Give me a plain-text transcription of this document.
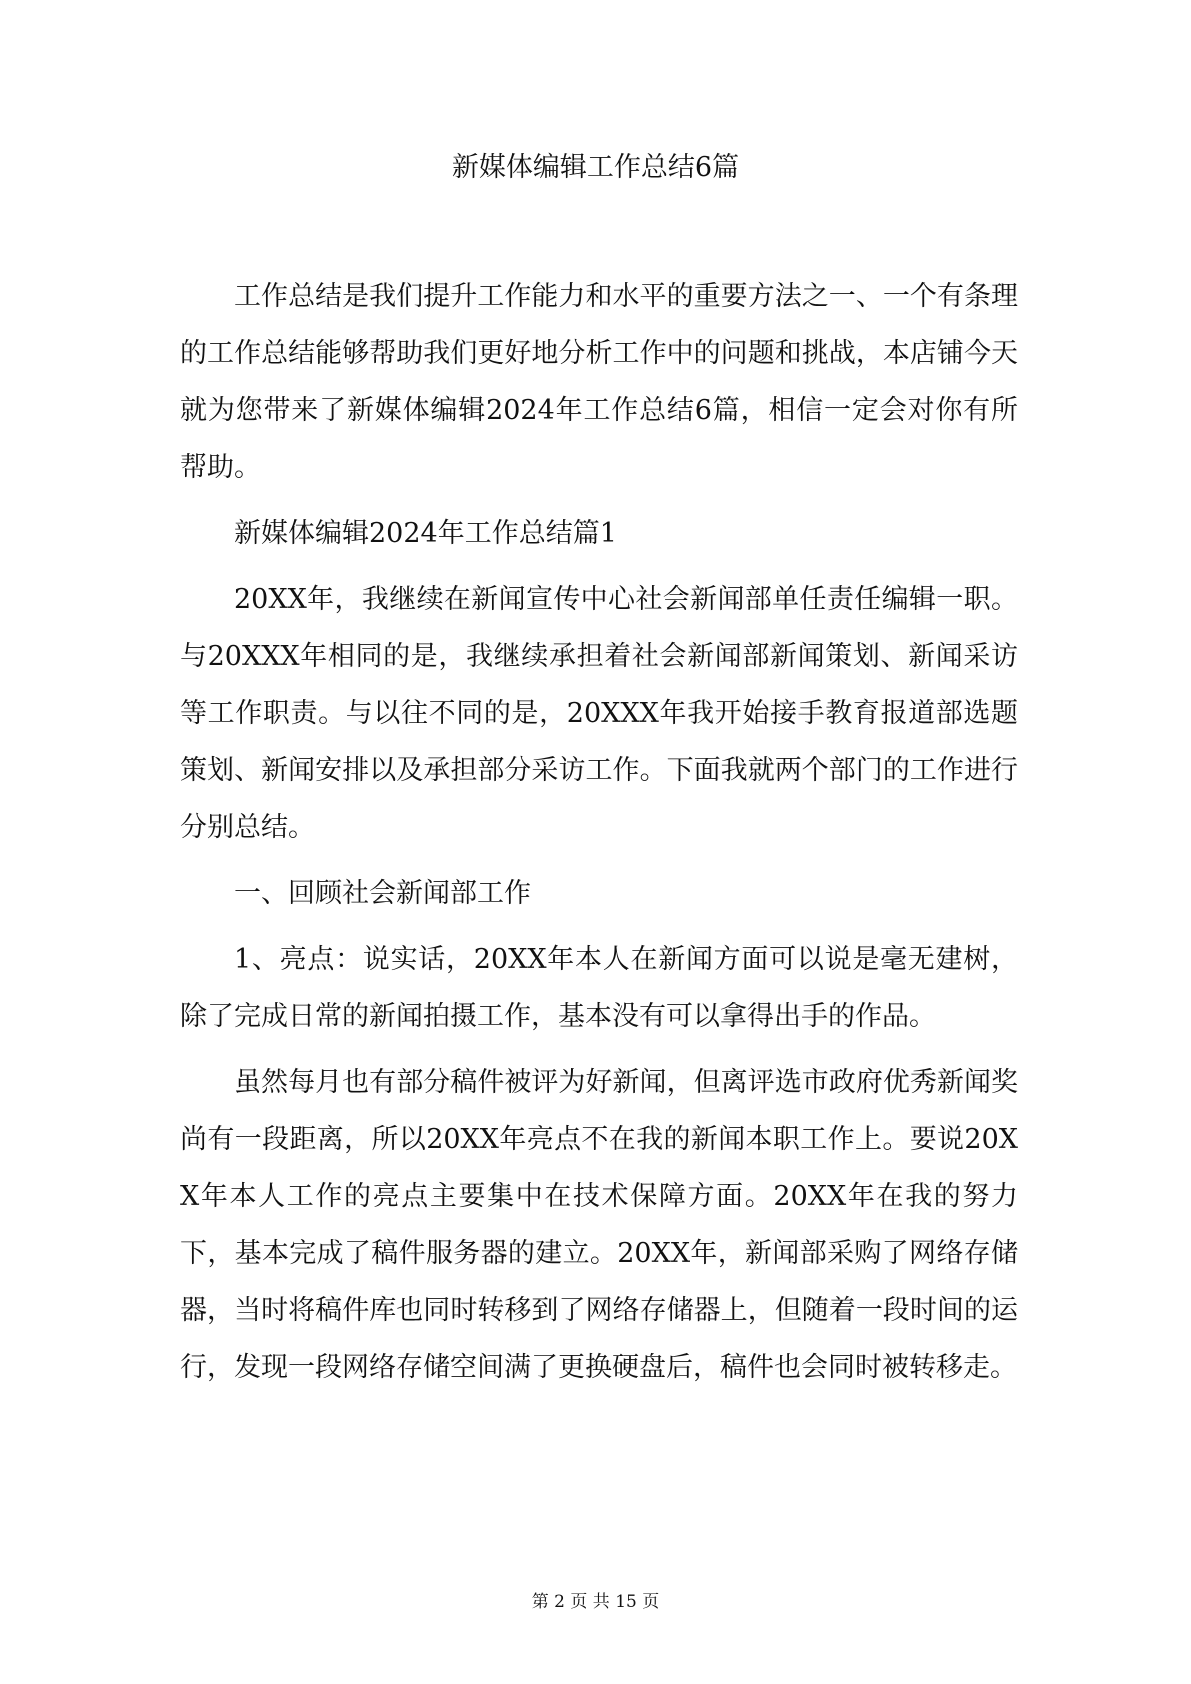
新媒体编辑工作总结6篇

工作总结是我们提升工作能力和水平的重要方法之一、一个有条理的工作总结能够帮助我们更好地分析工作中的问题和挑战，本店铺今天就为您带来了新媒体编辑2024年工作总结6篇，相信一定会对你有所帮助。

新媒体编辑2024年工作总结篇1

20XX年，我继续在新闻宣传中心社会新闻部单任责任编辑一职。与20XXX年相同的是，我继续承担着社会新闻部新闻策划、新闻采访等工作职责。与以往不同的是，20XXX年我开始接手教育报道部选题策划、新闻安排以及承担部分采访工作。下面我就两个部门的工作进行分别总结。

一、回顾社会新闻部工作

1、亮点：说实话，20XX年本人在新闻方面可以说是毫无建树，除了完成日常的新闻拍摄工作，基本没有可以拿得出手的作品。

虽然每月也有部分稿件被评为好新闻，但离评选市政府优秀新闻奖尚有一段距离，所以20XX年亮点不在我的新闻本职工作上。要说20XX年本人工作的亮点主要集中在技术保障方面。20XX年在我的努力下，基本完成了稿件服务器的建立。20XX年，新闻部采购了网络存储器，当时将稿件库也同时转移到了网络存储器上，但随着一段时间的运行，发现一段网络存储空间满了更换硬盘后，稿件也会同时被转移走。

第 2 页 共 15 页
